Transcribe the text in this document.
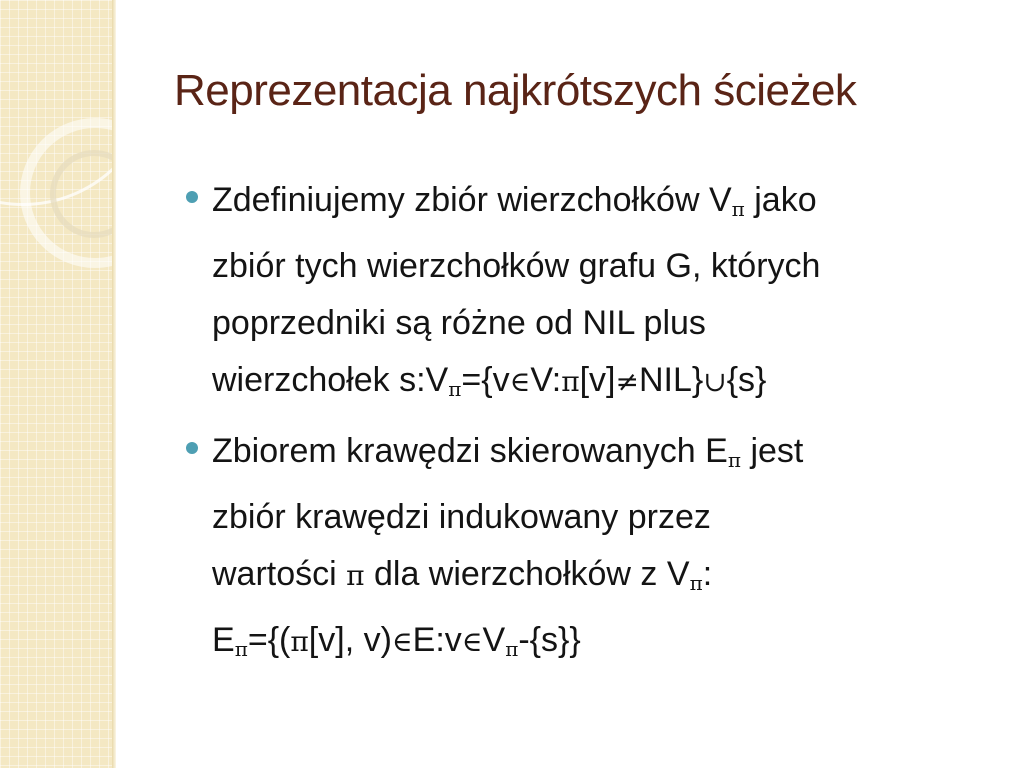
Reprezentacja najkrótszych ścieżek
Zdefiniujemy zbiór wierzchołków Vπ jako
zbiór tych wierzchołków grafu G, których
poprzedniki są różne od NIL plus
wierzchołek s:Vπ={v∈V:π[v]≠NIL}∪{s}
Zbiorem krawędzi skierowanych Eπ jest
zbiór krawędzi indukowany przez
wartości π dla wierzchołków z Vπ:
Eπ={(π[v], v)∈E:v∈Vπ-{s}}
